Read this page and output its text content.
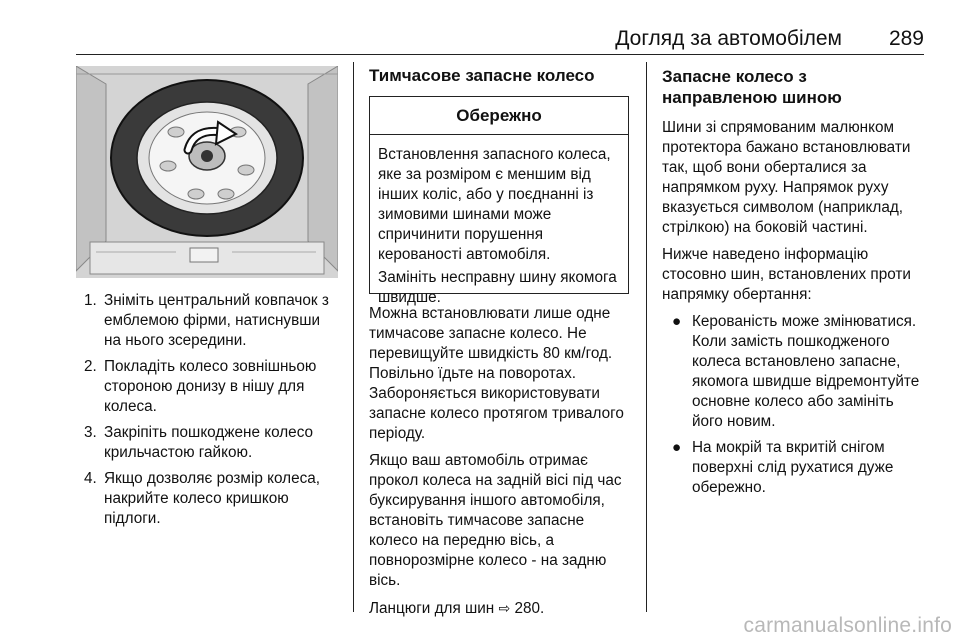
Догляд за автомобілем 289
1. Зніміть центральний ковпачок з емблемою фірми, натиснувши на нього зсередини.
2. Покладіть колесо зовнішньою стороною донизу в нішу для колеса.
3. Закріпіть пошкоджене колесо крильчастою гайкою.
4. Якщо дозволяє розмір колеса, накрийте колесо кришкою підлоги.
Тимчасове запасне колесо
Обережно

Встановлення запасного колеса, яке за розміром є меншим від інших коліс, або у поєднанні із зимовими шинами може спричинити порушення керованості автомобіля.

Замініть несправну шину якомога швидше.

Можна встановлювати лише одне тимчасове запасне колесо. Не перевищуйте швидкість 80 км/год. Повільно їдьте на поворотах. Забороняється використовувати запасне колесо протягом тривалого періоду.

Якщо ваш автомобіль отримає прокол колеса на задній вісі під час буксирування іншого автомобіля, встановіть тимчасове запасне колесо на передню вісь, а повнорозмірне колесо - на задню вісь.

Ланцюги для шин ⇨ 280.

Запасне колесо з направленою шиною

Шини зі спрямованим малюнком протектора бажано встановлювати так, щоб вони оберталися за напрямком руху. Напрямок руху вказується символом (наприклад, стрілкою) на боковій частині.

Нижче наведено інформацію стосовно шин, встановлених проти напрямку обертання:

● Керованість може змінюватися. Коли замість пошкодженого колеса встановлено запасне, якомога швидше відремонтуйте основне колесо або замініть його новим.
● На мокрій та вкритій снігом поверхні слід рухатися дуже обережно.
carmanualsonline.info
